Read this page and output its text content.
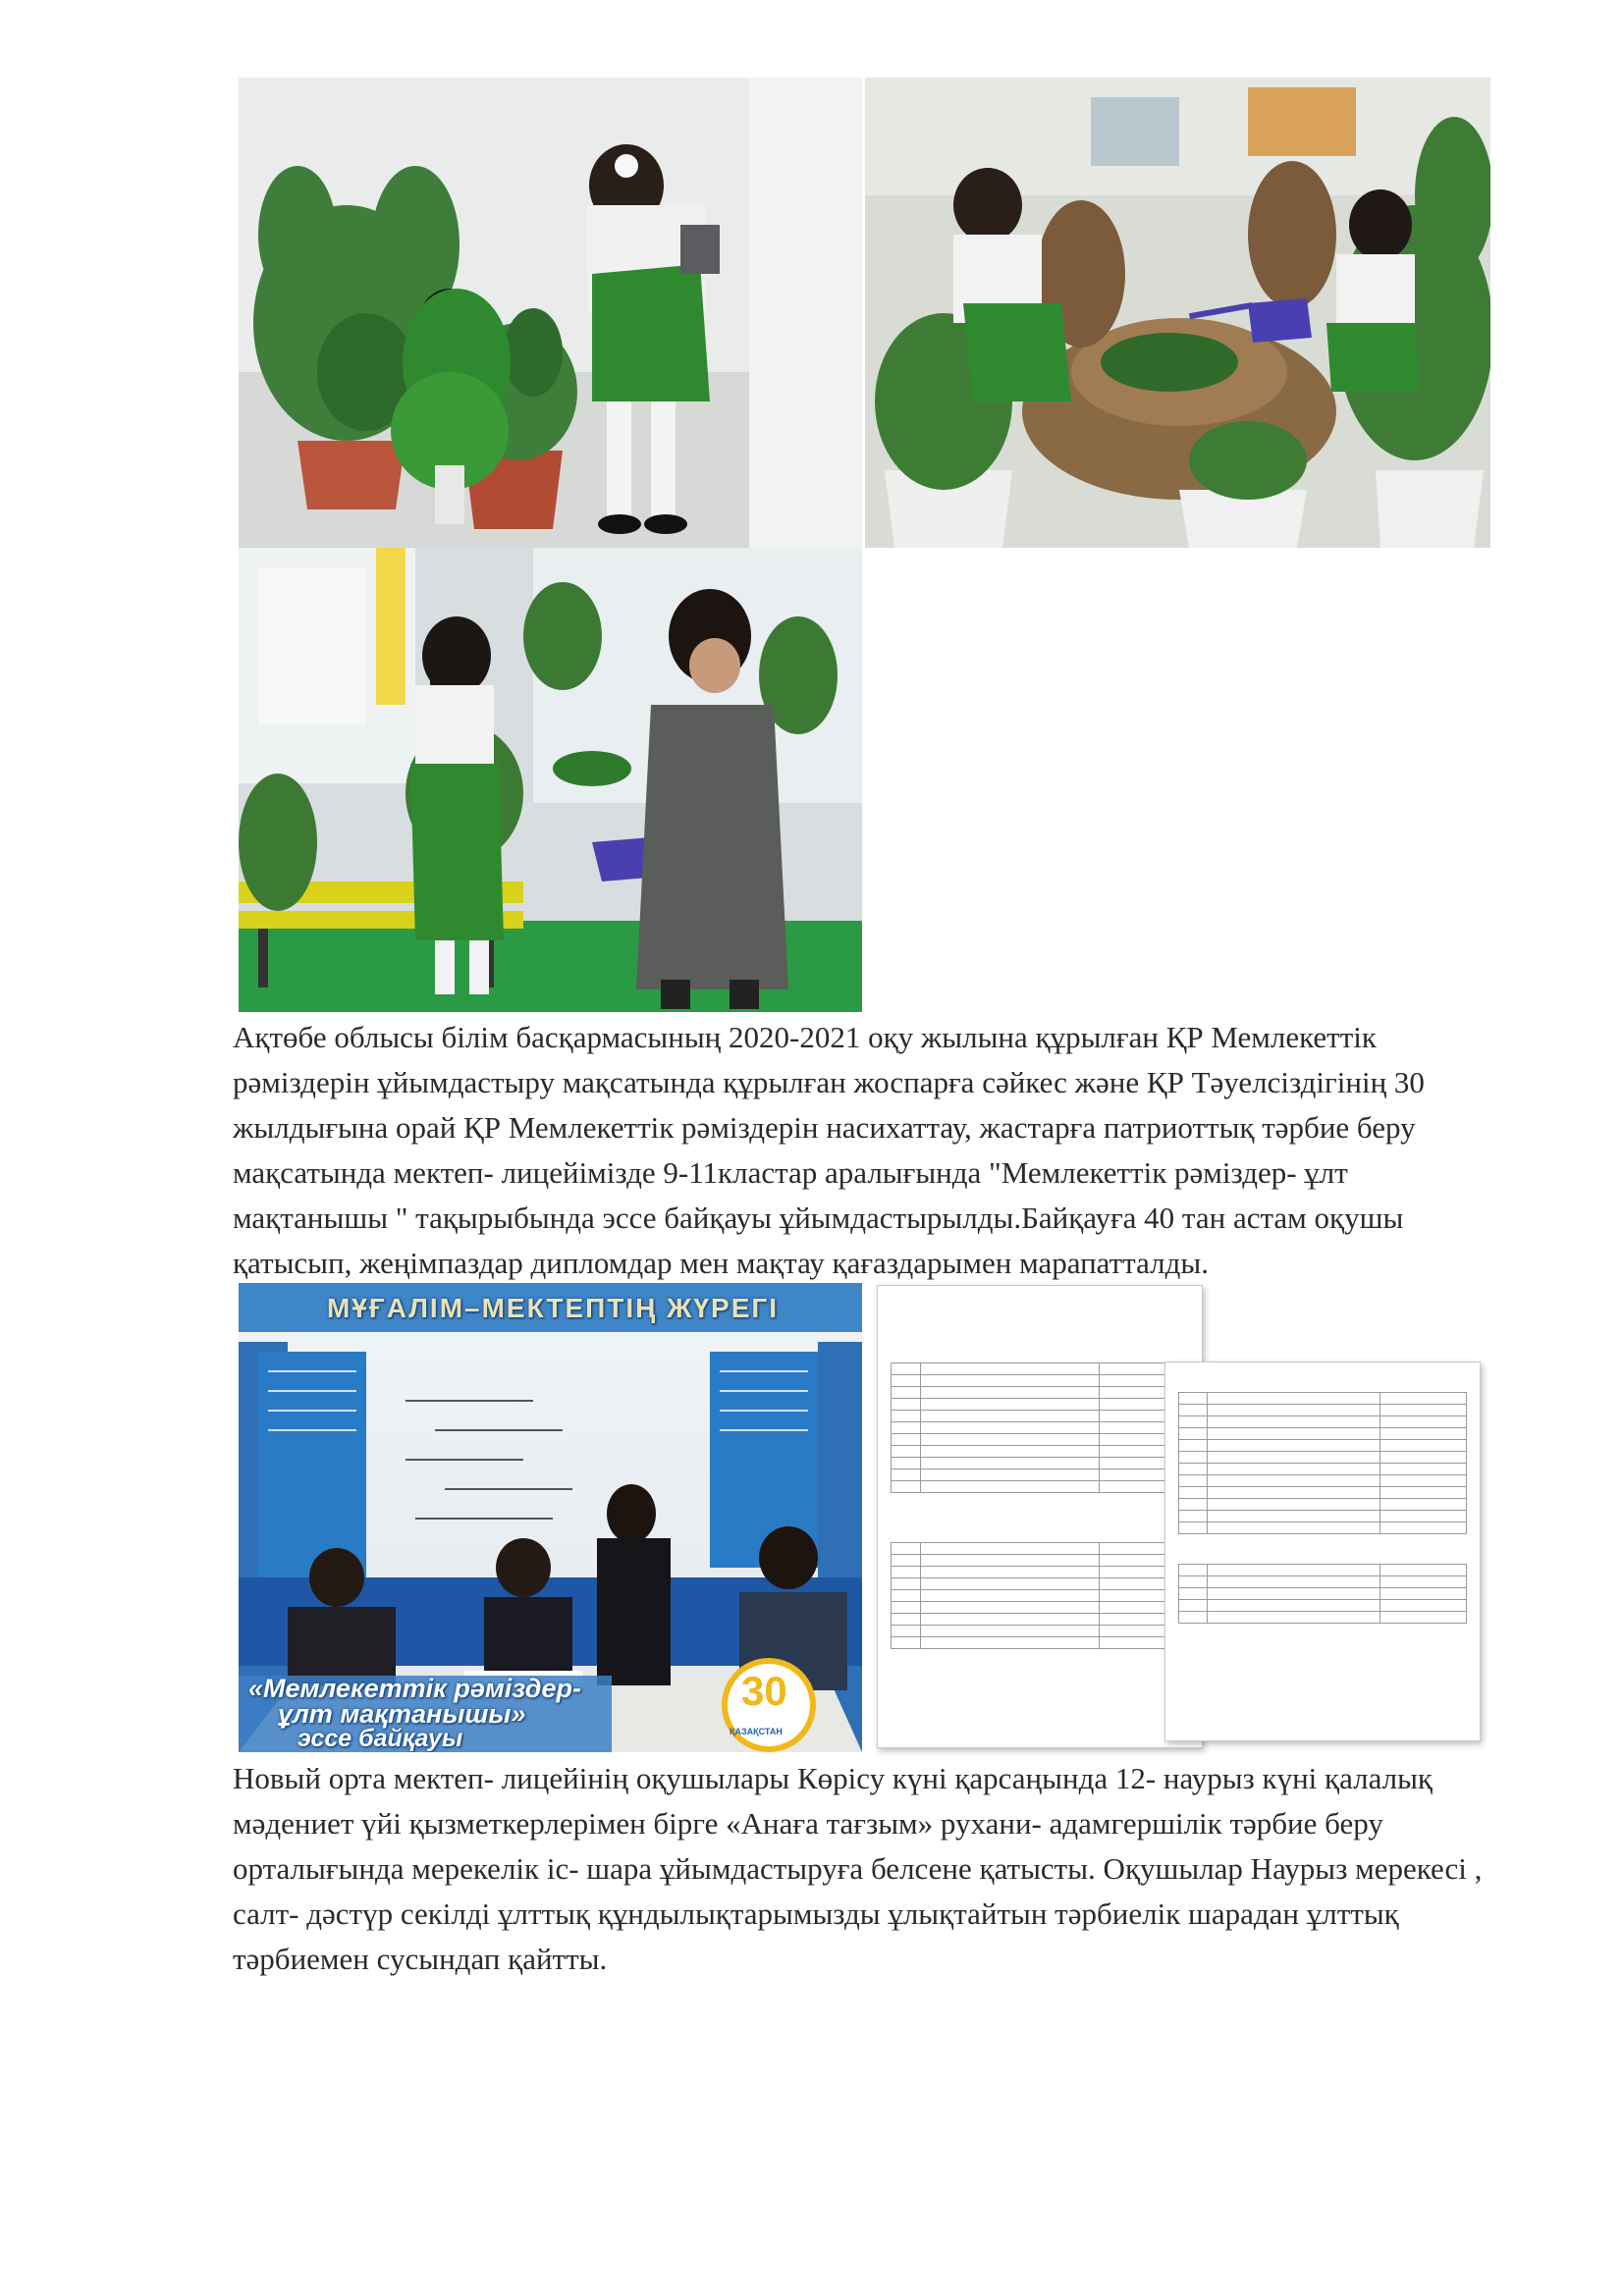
Ақтөбе облысы білім басқармасының 2020-2021 оқу жылына құрылған ҚР Мемлекеттік рәміздерін ұйымдастыру мақсатында құрылған жоспарға сәйкес және ҚР Тәуелсіздігінің 30 жылдығына орай ҚР Мемлекеттік рәміздерін насихаттау, жастарға патриоттық тәрбие беру мақсатында мектеп- лицейімізде 9-11кластар аралығында "Мемлекеттік рәміздер- ұлт мақтанышы " тақырыбында эссе байқауы ұйымдастырылды.Байқауға 40 тан астам оқушы қатысып, жеңімпаздар дипломдар мен мақтау қағаздарымен марапатталды.

МҰҒАЛІМ–МЕКТЕПТІҢ ЖҮРЕГІ
«Мемлекеттік рәміздер-
ұлт мақтанышы»
эссе байқауы
30
ҚАЗАҚСТАН

Новый орта мектеп- лицейінің оқушылары Көрісу күні қарсаңында 12- наурыз күні қалалық мәдениет үйі қызметкерлерімен бірге «Анаға тағзым» рухани- адамгершілік тәрбие беру орталығында мерекелік іс- шара ұйымдастыруға белсене қатысты. Оқушылар Наурыз мерекесі , салт- дәстүр секілді ұлттық құндылықтарымызды ұлықтайтын тәрбиелік шарадан ұлттық тәрбиемен сусындап қайтты.
